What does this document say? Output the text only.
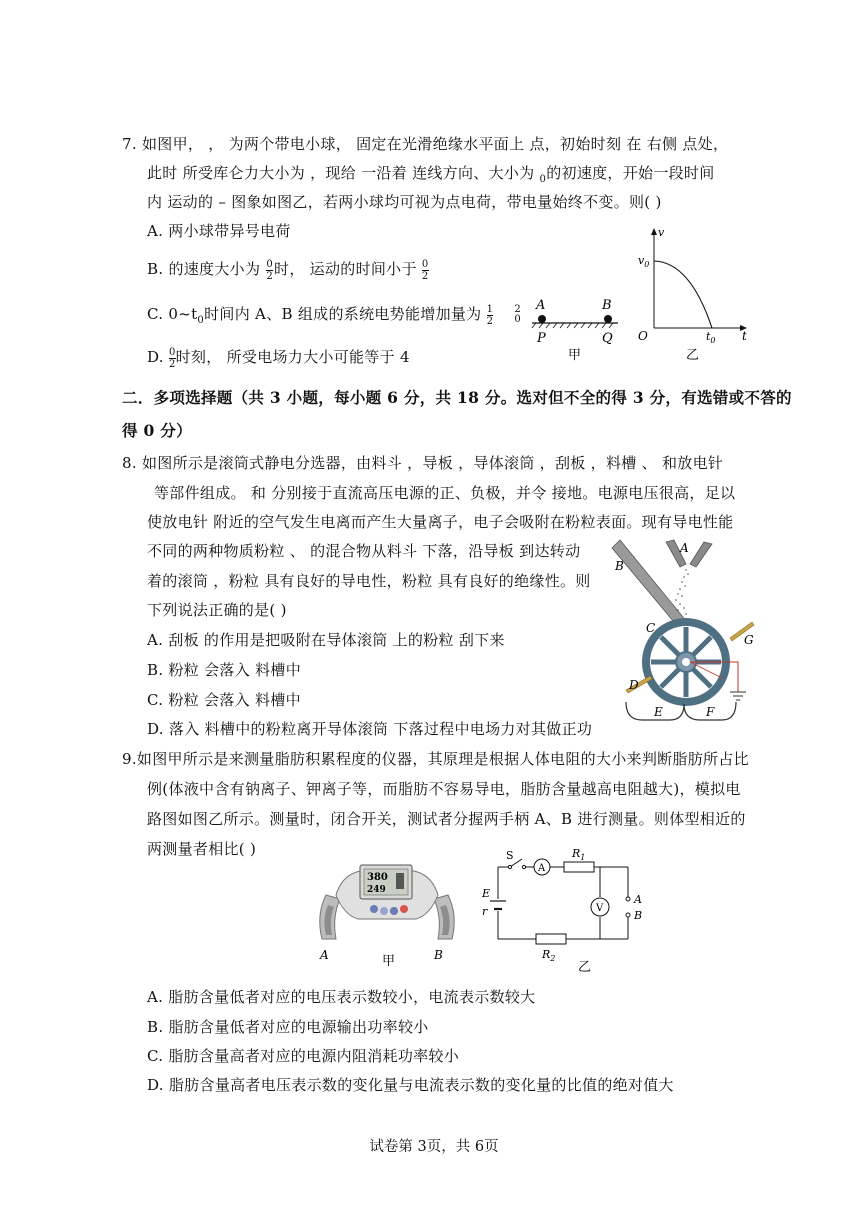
7. 如图甲， ， 为两个带电小球， 固定在光滑绝缘水平面上 点，初始时刻 在 右侧 点处，
此时 所受库仑力大小为 ，现给 一沿着 连线方向、大小为 $_0$的初速度，开始一段时间
内 运动的 – 图象如图乙，若两小球均可视为点电荷，带电量始终不变。则( )
A. 两小球带异号电荷
B. 的速度大小为 $\frac{0}{2}$ 时， 运动的时间小于 $\frac{0}{2}$
C. $0\sim t_0$时间内 A、B 组成的系统电势能增加量为 $\frac{1}{2}$
2
0
D. $\frac{0}{2}$ 时刻， 所受电场力大小可能等于 4
A	B
P	Q
甲
v
$v_0$
O	$t_0$ t
乙
二．多项选择题（共 3 小题，每小题 6 分，共 18 分。选对但不全的得 3 分，有选错或不答的
得 0 分）
8. 如图所示是滚筒式静电分选器，由料斗 ，导板 ，导体滚筒 ，刮板 ，料槽 、 和放电针
等部件组成。 和 分别接于直流高压电源的正、负极，并令 接地。电源电压很高，足以
使放电针 附近的空气发生电离而产生大量离子，电子会吸附在粉粒表面。现有导电性能
不同的两种物质粉粒 、 的混合物从料斗 下落，沿导板 到达转动
着的滚筒 ，粉粒 具有良好的导电性，粉粒 具有良好的绝缘性。则
下列说法正确的是( )
A. 刮板 的作用是把吸附在导体滚筒 上的粉粒 刮下来
B. 粉粒 会落入 料槽中
C. 粉粒 会落入 料槽中
D. 落入 料槽中的粉粒离开导体滚筒 下落过程中电场力对其做正功
A
B
C
G
D
E	F
9.如图甲所示是来测量脂肪积累程度的仪器，其原理是根据人体电阻的大小来判断脂肪所占比
例(体液中含有钠离子、钾离子等，而脂肪不容易导电，脂肪含量越高电阻越大)，模拟电
路图如图乙所示。测量时，闭合开关，测试者分握两手柄 A、B 进行测量。则体型相近的
两测量者相比( )
380
249
A	甲	B
S
A
$R_1$
V
A
B
E
r
$R_2$
乙
A. 脂肪含量低者对应的电压表示数较小，电流表示数较大
B. 脂肪含量低者对应的电源输出功率较小
C. 脂肪含量高者对应的电源内阻消耗功率较小
D. 脂肪含量高者电压表示数的变化量与电流表示数的变化量的比值的绝对值大
试卷第 3页，共 6页
